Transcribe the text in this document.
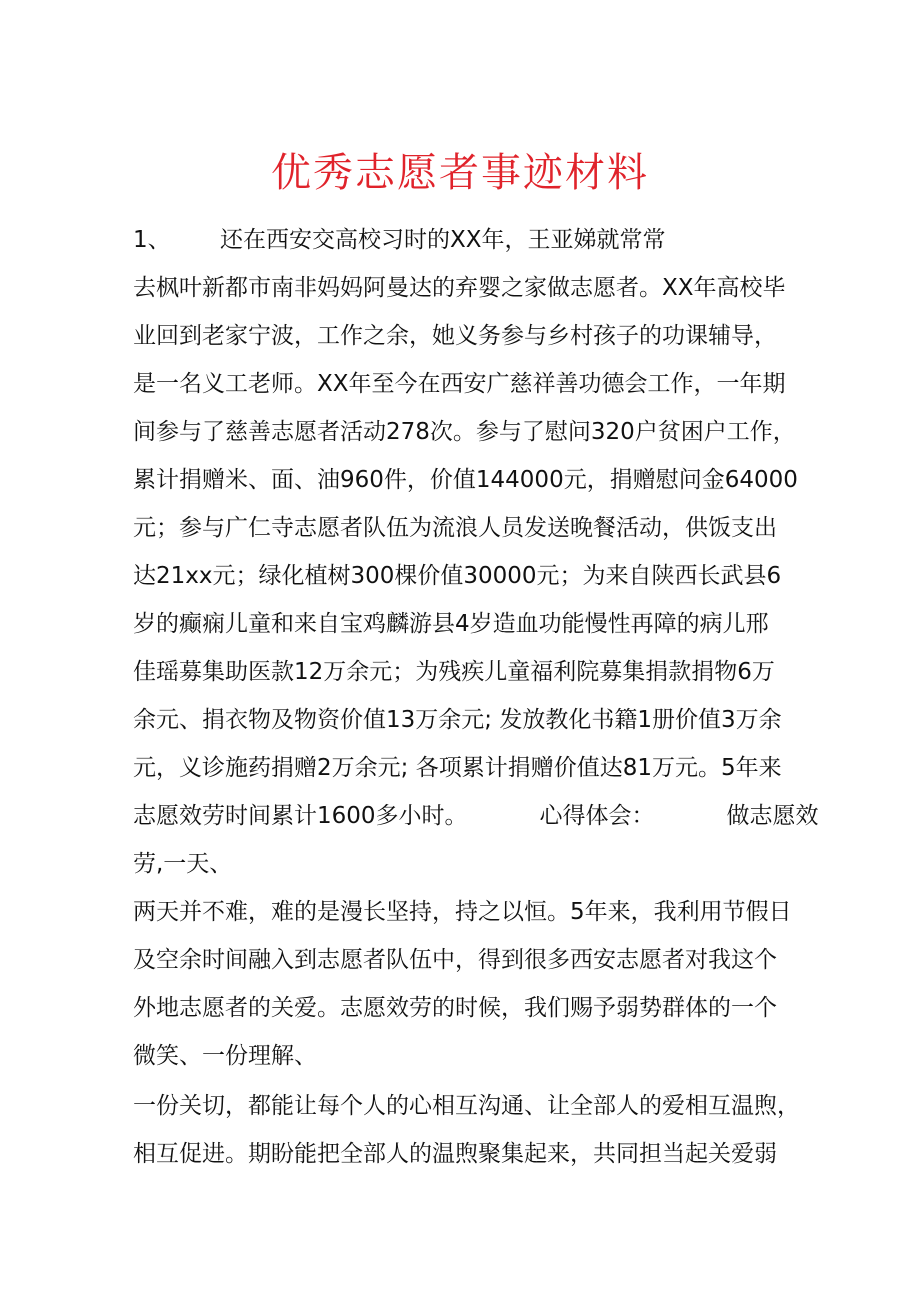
优秀志愿者事迹材料
1、 还在西安交高校习时的XX年，王亚娣就常常
去枫叶新都市南非妈妈阿曼达的弃婴之家做志愿者。XX年高校毕
业回到老家宁波，工作之余，她义务参与乡村孩子的功课辅导，
是一名义工老师。XX年至今在西安广慈祥善功德会工作，一年期
间参与了慈善志愿者活动278次。参与了慰问320户贫困户工作，
累计捐赠米、面、油960件，价值144000元，捐赠慰问金64000
元；参与广仁寺志愿者队伍为流浪人员发送晚餐活动，供饭支出
达21xx元；绿化植树300棵价值30000元；为来自陕西长武县6
岁的癫痫儿童和来自宝鸡麟游县4岁造血功能慢性再障的病儿邢
佳瑶募集助医款12万余元；为残疾儿童福利院募集捐款捐物6万
余元、捐衣物及物资价值13万余元; 发放教化书籍1册价值3万余
元，义诊施药捐赠2万余元; 各项累计捐赠价值达81万元。5年来
志愿效劳时间累计1600多小时。	心得体会：	做志愿效
劳,一天、
两天并不难，难的是漫长坚持，持之以恒。5年来，我利用节假日
及空余时间融入到志愿者队伍中，得到很多西安志愿者对我这个
外地志愿者的关爱。志愿效劳的时候，我们赐予弱势群体的一个
微笑、一份理解、
一份关切，都能让每个人的心相互沟通、让全部人的爱相互温煦，
相互促进。期盼能把全部人的温煦聚集起来，共同担当起关爱弱
